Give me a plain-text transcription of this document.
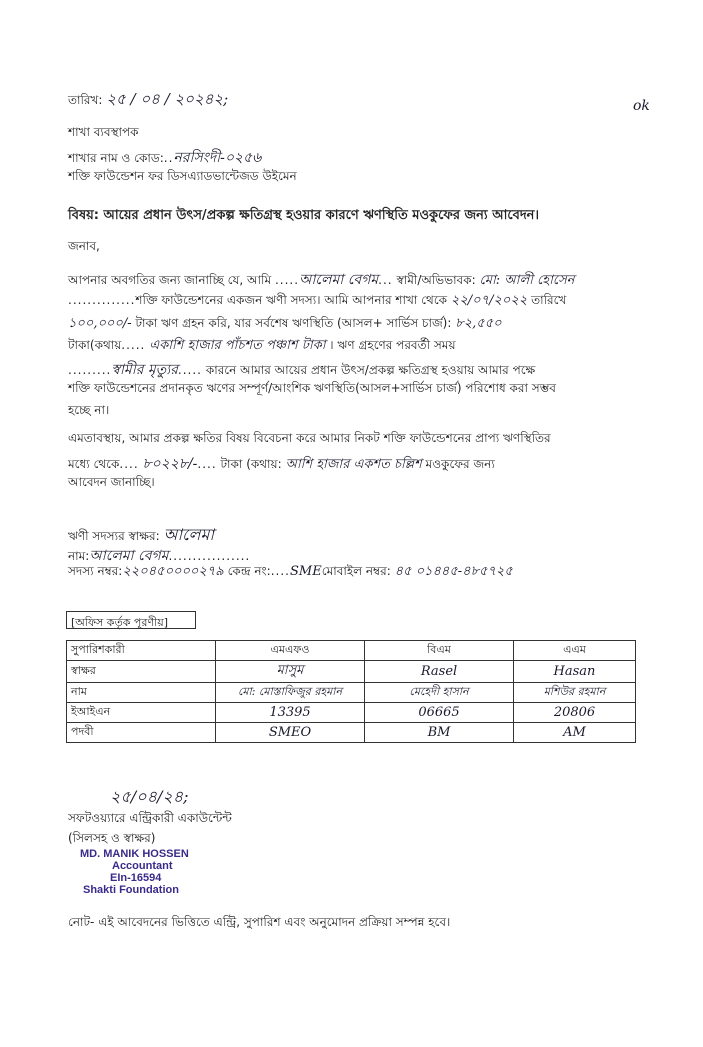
ok
তারিখ: ২৫ / ০৪ / ২০২৪২;
শাখা ব্যবস্থাপক
শাখার নাম ও কোড:..নরসিংদী-০২৫৬
শক্তি ফাউন্ডেশন ফর ডিসএ্যাডভান্টেজড উইমেন
বিষয়: আয়ের প্রধান উৎস/প্রকল্প ক্ষতিগ্রস্থ হওয়ার কারণে ঋণস্থিতি মওকুফের জন্য আবেদন।
জনাব,
আপনার অবগতির জন্য জানাচ্ছি যে, আমি .....আলেমা বেগম... স্বামী/অভিভাবক: মো: আলী হোসেন
..............শক্তি ফাউন্ডেশনের একজন ঋণী সদস্য। আমি আপনার শাখা থেকে ২২/০৭/২০২২ তারিখে
১০০,০০০/- টাকা ঋণ গ্রহন করি, যার সর্বশেষ ঋণস্থিতি (আসল+ সার্ভিস চার্জ): ৮২,৫৫০
টাকা(কথায়..... একাশি হাজার পাঁচশত পঞ্চাশ টাকা । ঋণ গ্রহণের পরবর্তী সময়
.........স্বামীর মৃত্যুর..... কারনে আমার আয়ের প্রধান উৎস/প্রকল্প ক্ষতিগ্রস্থ হওয়ায় আমার পক্ষে
শক্তি ফাউন্ডেশনের প্রদানকৃত ঋণের সম্পূর্ণ/আংশিক ঋণস্থিতি(আসল+সার্ভিস চার্জ) পরিশোধ করা সম্ভব
হচ্ছে না।
এমতাবস্থায়, আমার প্রকল্প ক্ষতির বিষয় বিবেচনা করে আমার নিকট শক্তি ফাউন্ডেশনের প্রাপ্য ঋণস্থিতির
মধ্যে থেকে.... ৮০২২৮/-.... টাকা (কথায়: আশি হাজার একশত চল্লিশ মওকুফের জন্য
আবেদন জানাচ্ছি।
ঋণী সদস্যর স্বাক্ষর: আলেমা
নাম:আলেমা বেগম.................
সদস্য নম্বর:২২০৪৫০০০০২৭৯ কেন্দ্র নং:....SMEমোবাইল নম্বর: ৪৫ ০১৪৪৫-৪৮৫৭২৫
[অফিস কর্তৃক পূরণীয়]
সুপারিশকারী	এমএফও	বিএম	এএম
স্বাক্ষর	মাসুম	Rasel	Hasan
নাম	মো: মোস্তাফিজুর রহমান	মেহেদী হাসান	মশিউর রহমান
ইআইএন	13395	06665	20806
পদবী	SMEO	BM	AM
২৫/০৪/২৪;
সফটওয়্যারে এন্ট্রিকারী একাউন্টেন্ট
(সিলসহ ও স্বাক্ষর)
MD. MANIK HOSSEN
Accountant
EIn-16594
Shakti Foundation
নোট- এই আবেদনের ভিত্তিতে এন্ট্রি, সুপারিশ এবং অনুমোদন প্রক্রিয়া সম্পন্ন হবে।
